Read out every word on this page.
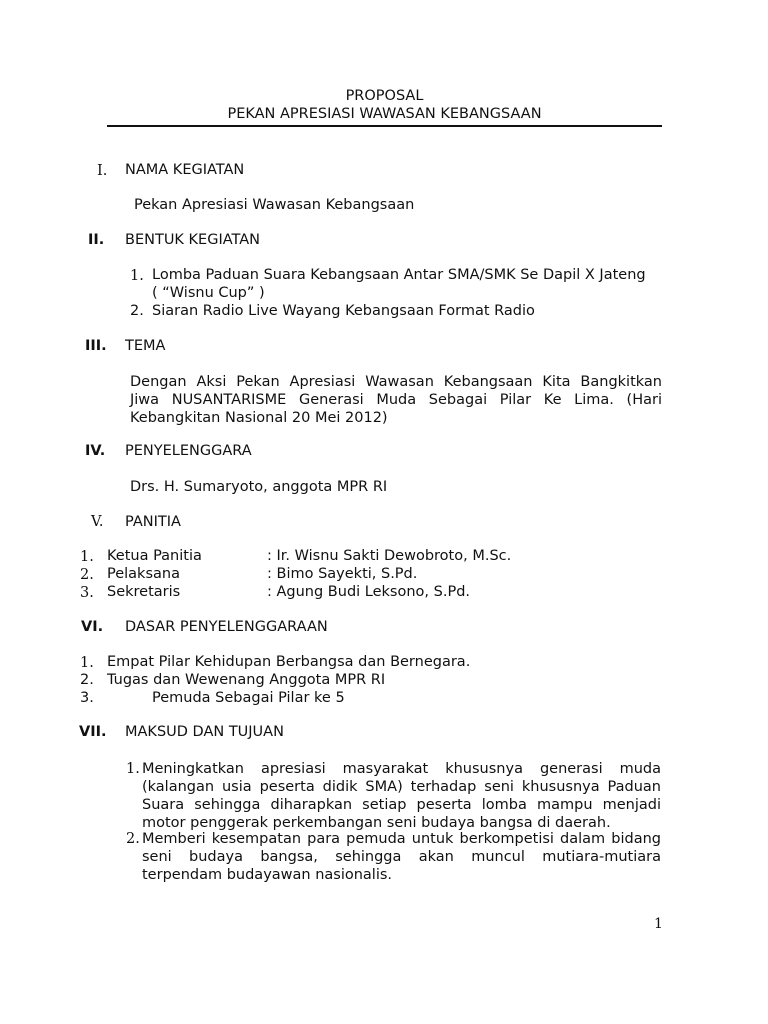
PROPOSAL
PEKAN APRESIASI WAWASAN KEBANGSAAN
I. NAMA KEGIATAN
Pekan Apresiasi Wawasan Kebangsaan
II. BENTUK KEGIATAN
1. Lomba Paduan Suara Kebangsaan Antar SMA/SMK Se Dapil X Jateng
( “Wisnu Cup” )
2. Siaran Radio Live Wayang Kebangsaan Format Radio
III. TEMA
Dengan Aksi Pekan Apresiasi Wawasan Kebangsaan Kita Bangkitkan
Jiwa NUSANTARISME Generasi Muda Sebagai Pilar Ke Lima. (Hari
Kebangkitan Nasional 20 Mei 2012)
IV. PENYELENGGARA
Drs. H. Sumaryoto, anggota MPR RI
V. PANITIA
1. Ketua Panitia	: Ir. Wisnu Sakti Dewobroto, M.Sc.
2. Pelaksana	: Bimo Sayekti, S.Pd.
3. Sekretaris	: Agung Budi Leksono, S.Pd.
VI. DASAR PENYELENGGARAAN
1. Empat Pilar Kehidupan Berbangsa dan Bernegara.
2. Tugas dan Wewenang Anggota MPR RI
3.	Pemuda Sebagai Pilar ke 5
VII. MAKSUD DAN TUJUAN
1. Meningkatkan apresiasi masyarakat khususnya generasi muda
(kalangan usia peserta didik SMA) terhadap seni khususnya Paduan
Suara sehingga diharapkan setiap peserta lomba mampu menjadi
motor penggerak perkembangan seni budaya bangsa di daerah.
2. Memberi kesempatan para pemuda untuk berkompetisi dalam bidang
seni budaya bangsa, sehingga akan muncul mutiara-mutiara
terpendam budayawan nasionalis.
1
